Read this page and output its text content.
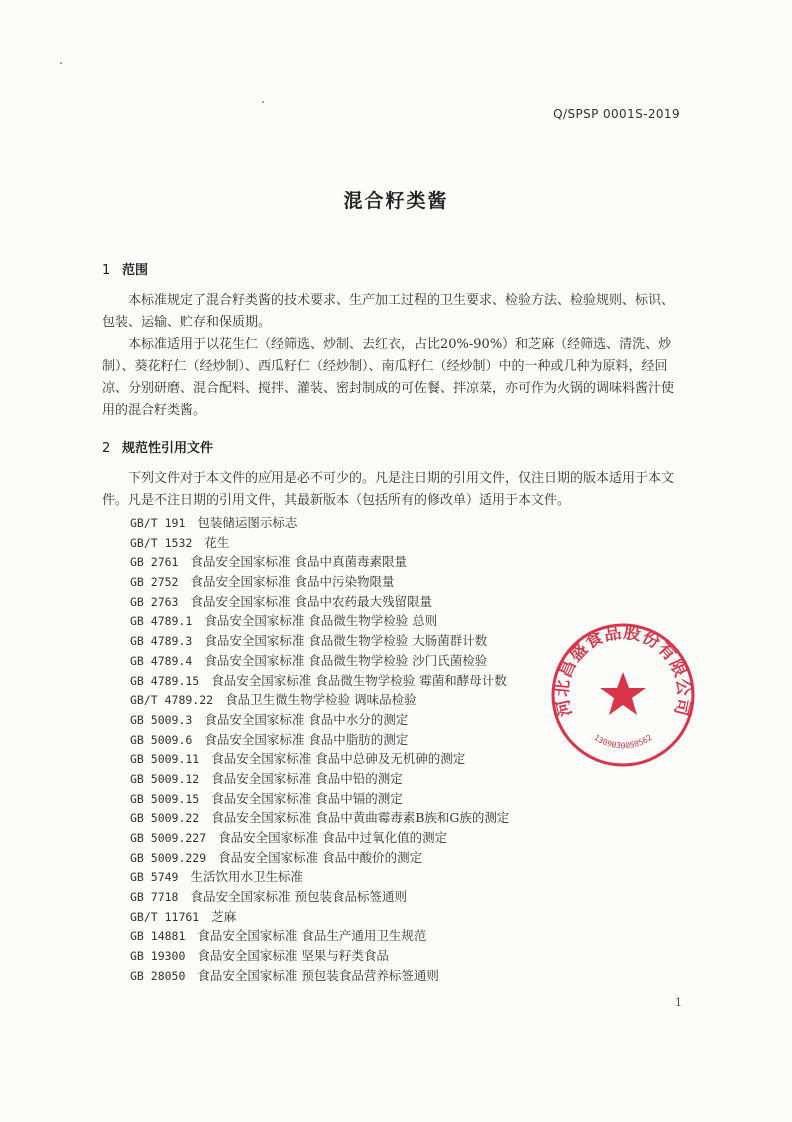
Q/SPSP 0001S-2019
混合籽类酱
1 范围

本标准规定了混合籽类酱的技术要求、生产加工过程的卫生要求、检验方法、检验规则、标识、包装、运输、贮存和保质期。

本标准适用于以花生仁（经筛选、炒制、去红衣，占比20%-90%）和芝麻（经筛选、清洗、炒制）、葵花籽仁（经炒制）、西瓜籽仁（经炒制）、南瓜籽仁（经炒制）中的一种或几种为原料，经回凉、分别研磨、混合配料、搅拌、灌装、密封制成的可佐餐、拌凉菜，亦可作为火锅的调味料酱汁使用的混合籽类酱。

2 规范性引用文件

下列文件对于本文件的应用是必不可少的。凡是注日期的引用文件，仅注日期的版本适用于本文件。凡是不注日期的引用文件，其最新版本（包括所有的修改单）适用于本文件。

GB/T 191 包装储运图示标志
GB/T 1532 花生
GB 2761 食品安全国家标准 食品中真菌毒素限量
GB 2752 食品安全国家标准 食品中污染物限量
GB 2763 食品安全国家标准 食品中农药最大残留限量
GB 4789.1 食品安全国家标准 食品微生物学检验 总则
GB 4789.3 食品安全国家标准 食品微生物学检验 大肠菌群计数
GB 4789.4 食品安全国家标准 食品微生物学检验 沙门氏菌检验
GB 4789.15 食品安全国家标准 食品微生物学检验 霉菌和酵母计数
GB/T 4789.22 食品卫生微生物学检验 调味品检验
GB 5009.3 食品安全国家标准 食品中水分的测定
GB 5009.6 食品安全国家标准 食品中脂肪的测定
GB 5009.11 食品安全国家标准 食品中总砷及无机砷的测定
GB 5009.12 食品安全国家标准 食品中铅的测定
GB 5009.15 食品安全国家标准 食品中镉的测定
GB 5009.22 食品安全国家标准 食品中黄曲霉毒素B族和G族的测定
GB 5009.227 食品安全国家标准 食品中过氧化值的测定
GB 5009.229 食品安全国家标准 食品中酸价的测定
GB 5749 生活饮用水卫生标准
GB 7718 食品安全国家标准 预包装食品标签通则
GB/T 11761 芝麻
GB 14881 食品安全国家标准 食品生产通用卫生规范
GB 19300 食品安全国家标准 坚果与籽类食品
GB 28050 食品安全国家标准 预包装食品营养标签通则
河北昌盛食品股份有限公司
1309030050562
1
